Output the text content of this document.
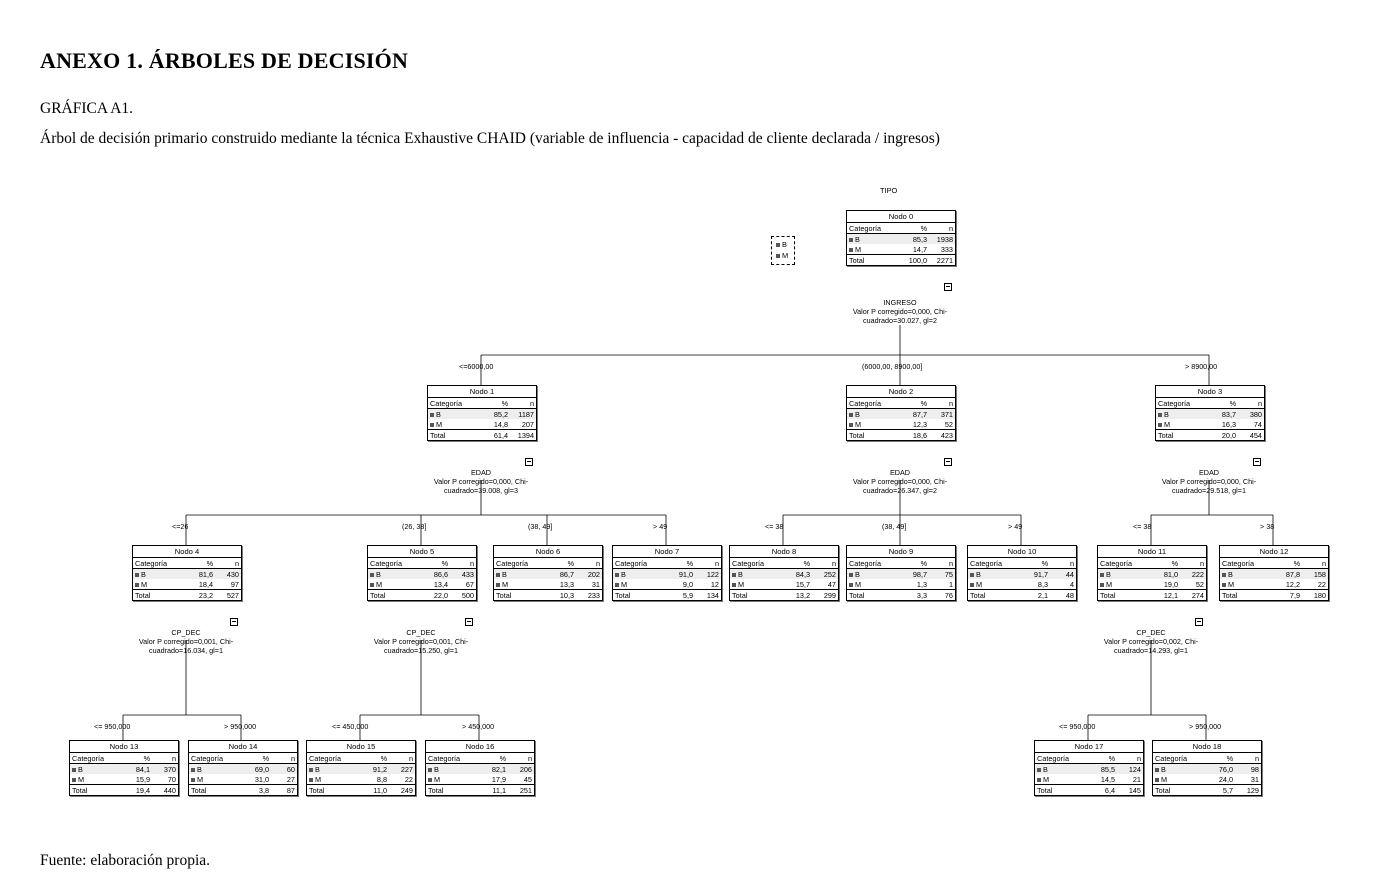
ANEXO 1. ÁRBOLES DE DECISIÓN
GRÁFICA A1.
Árbol de decisión primario construido mediante la técnica Exhaustive CHAID (variable de influencia - capacidad de cliente declarada / ingresos)
Fuente: elaboración propia.
TIPO
B
M
Nodo 0
Categoría	%	n
B	85,3	1938
M	14,7	333
Total	100,0	2271
INGRESO
Valor P corregido=0,000, Chi-
cuadrado=30.027, gl=2
<=6000,00	(6000,00, 8900,00]	> 8900,00
Nodo 1
Categoría	%	n
B	85,2	1187
M	14,8	207
Total	61,4	1394
EDAD
Valor P corregido=0,000, Chi-
cuadrado=39.008, gl=3
Nodo 2
Categoría	%	n
B	87,7	371
M	12,3	52
Total	18,6	423
EDAD
Valor P corregido=0,000, Chi-
cuadrado=26.347, gl=2
Nodo 3
Categoría	%	n
B	83,7	380
M	16,3	74
Total	20,0	454
EDAD
Valor P corregido=0,000, Chi-
cuadrado=29.518, gl=1
<=26	(26, 38]	(38, 49]	> 49	<= 38	(38, 49]	> 49	<= 38	> 38
Nodo 4
Categoría	%	n
B	81,6	430
M	18,4	97
Total	23,2	527
CP_DEC
Valor P corregido=0,001, Chi-
cuadrado=16.034, gl=1
Nodo 5
Categoría	%	n
B	86,6	433
M	13,4	67
Total	22,0	500
CP_DEC
Valor P corregido=0,001, Chi-
cuadrado=15.250, gl=1
Nodo 6
Categoría	%	n
B	86,7	202
M	13,3	31
Total	10,3	233
Nodo 7
Categoría	%	n
B	91,0	122
M	9,0	12
Total	5,9	134
Nodo 8
Categoría	%	n
B	84,3	252
M	15,7	47
Total	13,2	299
Nodo 9
Categoría	%	n
B	98,7	75
M	1,3	1
Total	3,3	76
Nodo 10
Categoría	%	n
B	91,7	44
M	8,3	4
Total	2,1	48
Nodo 11
Categoría	%	n
B	81,0	222
M	19,0	52
Total	12,1	274
CP_DEC
Valor P corregido=0,002, Chi-
cuadrado=14.293, gl=1
Nodo 12
Categoría	%	n
B	87,8	158
M	12,2	22
Total	7,9	180
<= 950,000	> 950,000	<= 450,000	> 450,000	<= 950,000	> 950,000
Nodo 13
Categoría	%	n
B	84,1	370
M	15,9	70
Total	19,4	440
Nodo 14
Categoría	%	n
B	69,0	60
M	31,0	27
Total	3,8	87
Nodo 15
Categoría	%	n
B	91,2	227
M	8,8	22
Total	11,0	249
Nodo 16
Categoría	%	n
B	82,1	206
M	17,9	45
Total	11,1	251
Nodo 17
Categoría	%	n
B	85,5	124
M	14,5	21
Total	6,4	145
Nodo 18
Categoría	%	n
B	76,0	98
M	24,0	31
Total	5,7	129
